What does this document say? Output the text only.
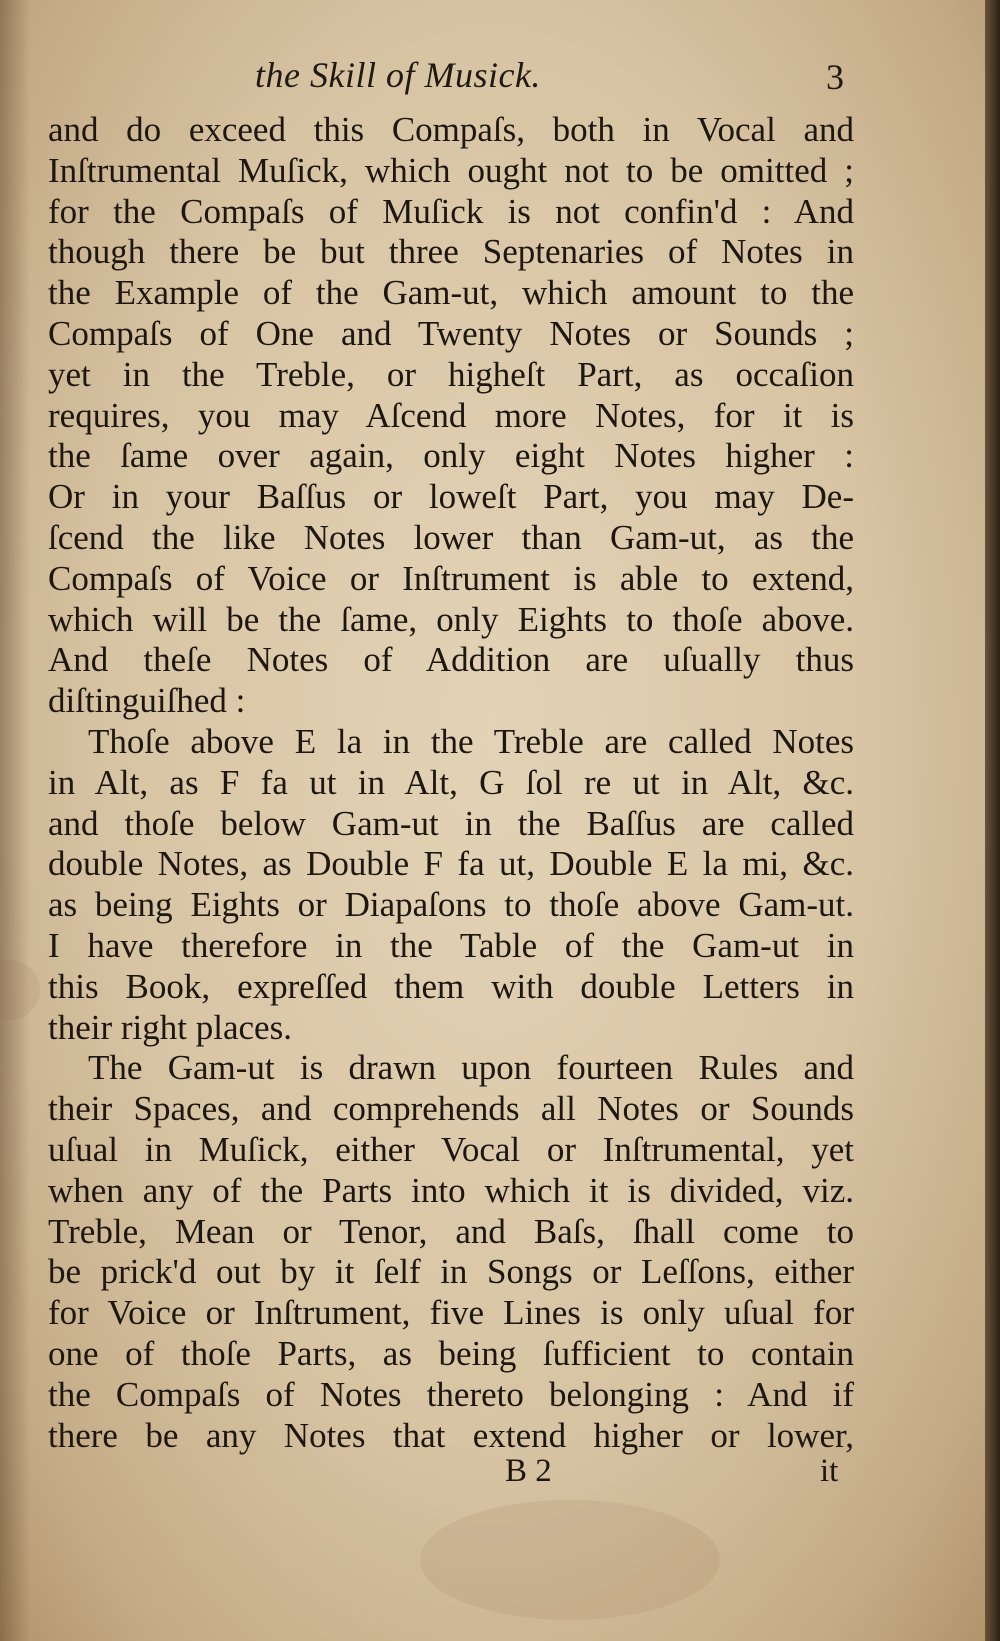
the Skill of Musick.	3
and do exceed this Compaſs, both in Vocal and
Inſtrumental Muſick, which ought not to be omitted ;
for the Compaſs of Muſick is not confin'd : And
though there be but three Septenaries of Notes in
the Example of the Gam-ut, which amount to the
Compaſs of One and Twenty Notes or Sounds ;
yet in the Treble, or higheſt Part, as occaſion
requires, you may Aſcend more Notes, for it is
the ſame over again, only eight Notes higher :
Or in your Baſſus or loweſt Part, you may De-
ſcend the like Notes lower than Gam-ut, as the
Compaſs of Voice or Inſtrument is able to extend,
which will be the ſame, only Eights to thoſe above.
And theſe Notes of Addition are uſually thus
diſtinguiſhed :
Thoſe above E la in the Treble are called Notes
in Alt, as F fa ut in Alt, G ſol re ut in Alt, &c.
and thoſe below Gam-ut in the Baſſus are called
double Notes, as Double F fa ut, Double E la mi, &c.
as being Eights or Diapaſons to thoſe above Gam-ut.
I have therefore in the Table of the Gam-ut in
this Book, expreſſed them with double Letters in
their right places.
The Gam-ut is drawn upon fourteen Rules and
their Spaces, and comprehends all Notes or Sounds
uſual in Muſick, either Vocal or Inſtrumental, yet
when any of the Parts into which it is divided, viz.
Treble, Mean or Tenor, and Baſs, ſhall come to
be prick'd out by it ſelf in Songs or Leſſons, either
for Voice or Inſtrument, five Lines is only uſual for
one of thoſe Parts, as being ſufficient to contain
the Compaſs of Notes thereto belonging : And if
there be any Notes that extend higher or lower,
B 2	it
